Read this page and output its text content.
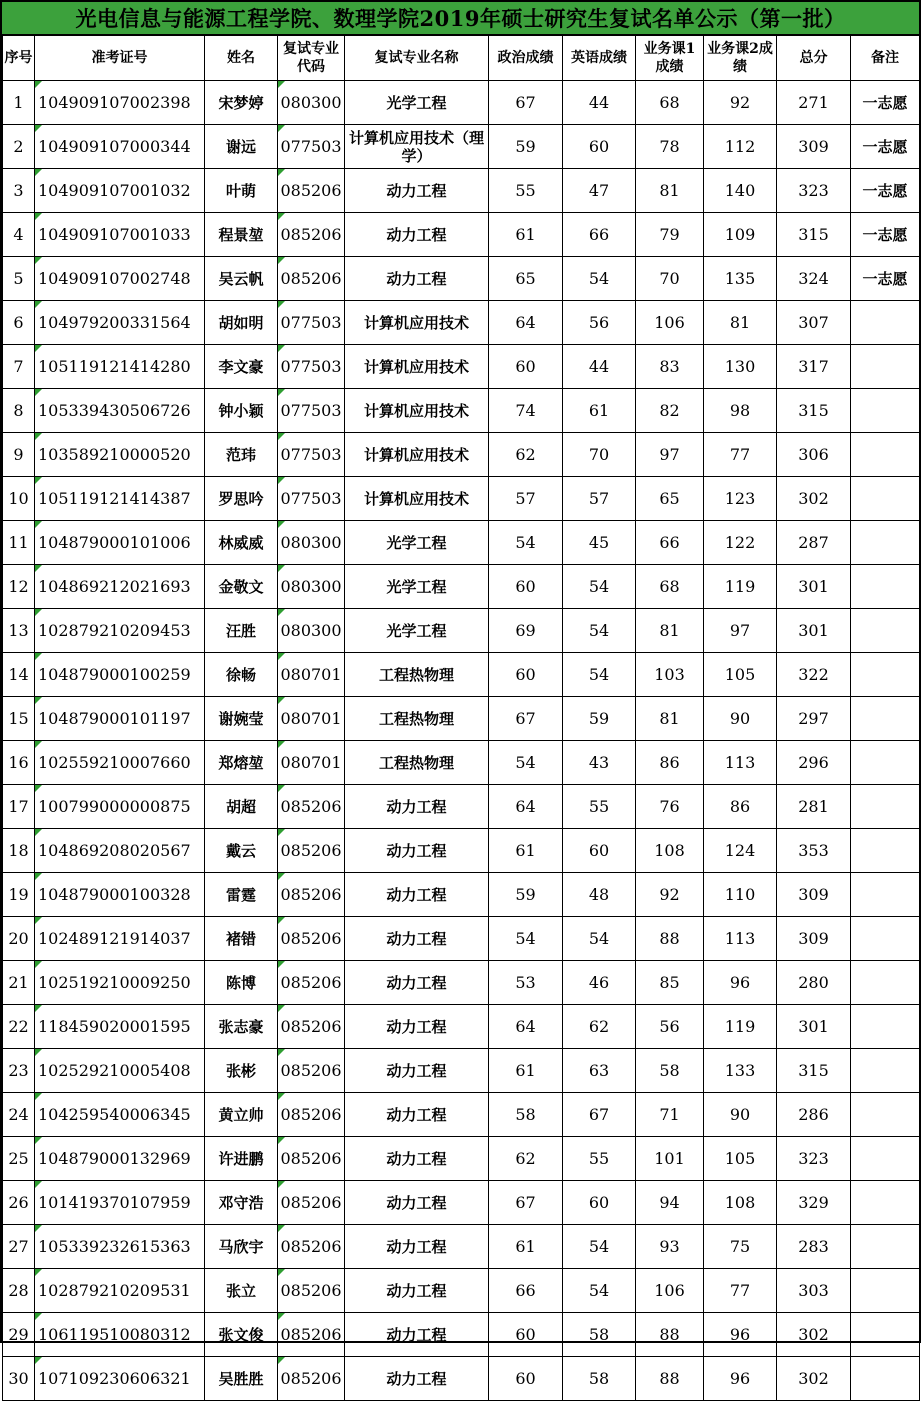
光电信息与能源工程学院、数理学院2019年硕士研究生复试名单公示（第一批）
序号	准考证号	姓名	复试专业代码	复试专业名称	政治成绩	英语成绩	业务课1成绩	业务课2成绩	总分	备注
1	104909107002398	宋梦婷	080300	光学工程	67	44	68	92	271	一志愿
2	104909107000344	谢远	077503	计算机应用技术（理学）	59	60	78	112	309	一志愿
3	104909107001032	叶萌	085206	动力工程	55	47	81	140	323	一志愿
4	104909107001033	程景堃	085206	动力工程	61	66	79	109	315	一志愿
5	104909107002748	吴云帆	085206	动力工程	65	54	70	135	324	一志愿
6	104979200331564	胡如明	077503	计算机应用技术	64	56	106	81	307	
7	105119121414280	李文豪	077503	计算机应用技术	60	44	83	130	317	
8	105339430506726	钟小颖	077503	计算机应用技术	74	61	82	98	315	
9	103589210000520	范玮	077503	计算机应用技术	62	70	97	77	306	
10	105119121414387	罗思吟	077503	计算机应用技术	57	57	65	123	302	
11	104879000101006	林威威	080300	光学工程	54	45	66	122	287	
12	104869212021693	金敬文	080300	光学工程	60	54	68	119	301	
13	102879210209453	汪胜	080300	光学工程	69	54	81	97	301	
14	104879000100259	徐畅	080701	工程热物理	60	54	103	105	322	
15	104879000101197	谢婉莹	080701	工程热物理	67	59	81	90	297	
16	102559210007660	郑熔堃	080701	工程热物理	54	43	86	113	296	
17	100799000000875	胡超	085206	动力工程	64	55	76	86	281	
18	104869208020567	戴云	085206	动力工程	61	60	108	124	353	
19	104879000100328	雷霆	085206	动力工程	59	48	92	110	309	
20	102489121914037	褚错	085206	动力工程	54	54	88	113	309	
21	102519210009250	陈博	085206	动力工程	53	46	85	96	280	
22	118459020001595	张志豪	085206	动力工程	64	62	56	119	301	
23	102529210005408	张彬	085206	动力工程	61	63	58	133	315	
24	104259540006345	黄立帅	085206	动力工程	58	67	71	90	286	
25	104879000132969	许进鹏	085206	动力工程	62	55	101	105	323	
26	101419370107959	邓守浩	085206	动力工程	67	60	94	108	329	
27	105339232615363	马欣宇	085206	动力工程	61	54	93	75	283	
28	102879210209531	张立	085206	动力工程	66	54	106	77	303	
29	106119510080312	张文俊	085206	动力工程	60	58	88	96	302	
30	107109230606321	吴胜胜	085206	动力工程	60	58	88	96	302	
